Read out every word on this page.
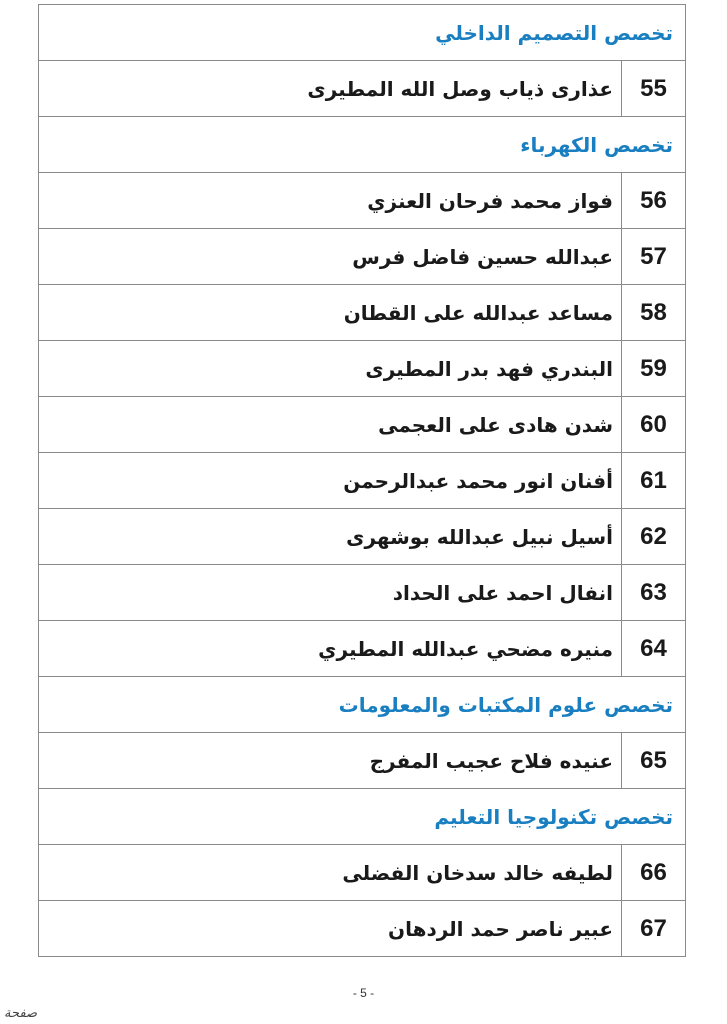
تخصص التصميم الداخلي
55
عذارى ذياب وصل الله المطيرى
تخصص الكهرباء
56
فواز محمد فرحان العنزي
57
عبدالله حسين فاضل فرس
58
مساعد عبدالله على القطان
59
البندري فهد بدر المطيرى
60
شدن هادى على العجمى
61
أفنان انور محمد عبدالرحمن
62
أسيل نبيل عبدالله بوشهرى
63
انفال احمد على الحداد
64
منيره مضحي عبدالله المطيري
تخصص علوم المكتبات والمعلومات
65
عنيده فلاح عجيب المفرج
تخصص تكنولوجيا التعليم
66
لطيفه خالد سدخان الفضلى
67
عبير ناصر حمد الردهان
- 5 -
صفحة
